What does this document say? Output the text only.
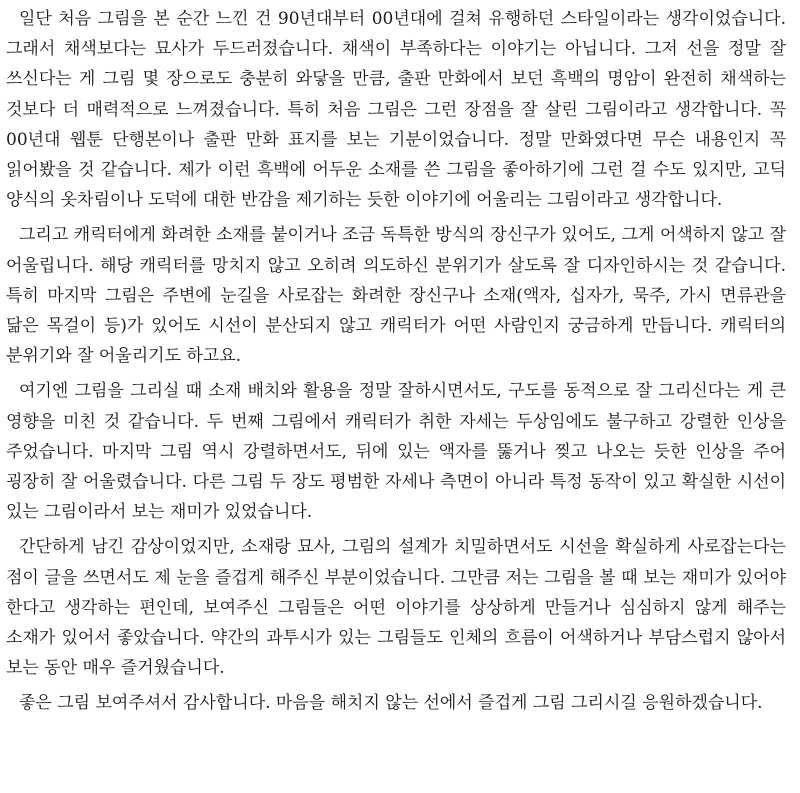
일단 처음 그림을 본 순간 느낀 건 90년대부터 00년대에 걸쳐 유행하던 스타일이라는 생각이었습니다. 그래서 채색보다는 묘사가 두드러졌습니다. 채색이 부족하다는 이야기는 아닙니다. 그저 선을 정말 잘 쓰신다는 게 그림 몇 장으로도 충분히 와닿을 만큼, 출판 만화에서 보던 흑백의 명암이 완전히 채색하는 것보다 더 매력적으로 느껴졌습니다. 특히 처음 그림은 그런 장점을 잘 살린 그림이라고 생각합니다. 꼭 00년대 웹툰 단행본이나 출판 만화 표지를 보는 기분이었습니다. 정말 만화였다면 무슨 내용인지 꼭 읽어봤을 것 같습니다. 제가 이런 흑백에 어두운 소재를 쓴 그림을 좋아하기에 그런 걸 수도 있지만, 고딕 양식의 옷차림이나 도덕에 대한 반감을 제기하는 듯한 이야기에 어울리는 그림이라고 생각합니다.

그리고 캐릭터에게 화려한 소재를 붙이거나 조금 독특한 방식의 장신구가 있어도, 그게 어색하지 않고 잘 어울립니다. 해당 캐릭터를 망치지 않고 오히려 의도하신 분위기가 살도록 잘 디자인하시는 것 같습니다. 특히 마지막 그림은 주변에 눈길을 사로잡는 화려한 장신구나 소재(액자, 십자가, 묵주, 가시 면류관을 닮은 목걸이 등)가 있어도 시선이 분산되지 않고 캐릭터가 어떤 사람인지 궁금하게 만듭니다. 캐릭터의 분위기와 잘 어울리기도 하고요.

여기엔 그림을 그리실 때 소재 배치와 활용을 정말 잘하시면서도, 구도를 동적으로 잘 그리신다는 게 큰 영향을 미친 것 같습니다. 두 번째 그림에서 캐릭터가 취한 자세는 두상임에도 불구하고 강렬한 인상을 주었습니다. 마지막 그림 역시 강렬하면서도, 뒤에 있는 액자를 뚫거나 찢고 나오는 듯한 인상을 주어 굉장히 잘 어울렸습니다. 다른 그림 두 장도 평범한 자세나 측면이 아니라 특정 동작이 있고 확실한 시선이 있는 그림이라서 보는 재미가 있었습니다.

간단하게 남긴 감상이었지만, 소재랑 묘사, 그림의 설계가 치밀하면서도 시선을 확실하게 사로잡는다는 점이 글을 쓰면서도 제 눈을 즐겁게 해주신 부분이었습니다. 그만큼 저는 그림을 볼 때 보는 재미가 있어야 한다고 생각하는 편인데, 보여주신 그림들은 어떤 이야기를 상상하게 만들거나 심심하지 않게 해주는 소재가 있어서 좋았습니다. 약간의 과투시가 있는 그림들도 인체의 흐름이 어색하거나 부담스럽지 않아서 보는 동안 매우 즐거웠습니다.

좋은 그림 보여주셔서 감사합니다. 마음을 해치지 않는 선에서 즐겁게 그림 그리시길 응원하겠습니다.
